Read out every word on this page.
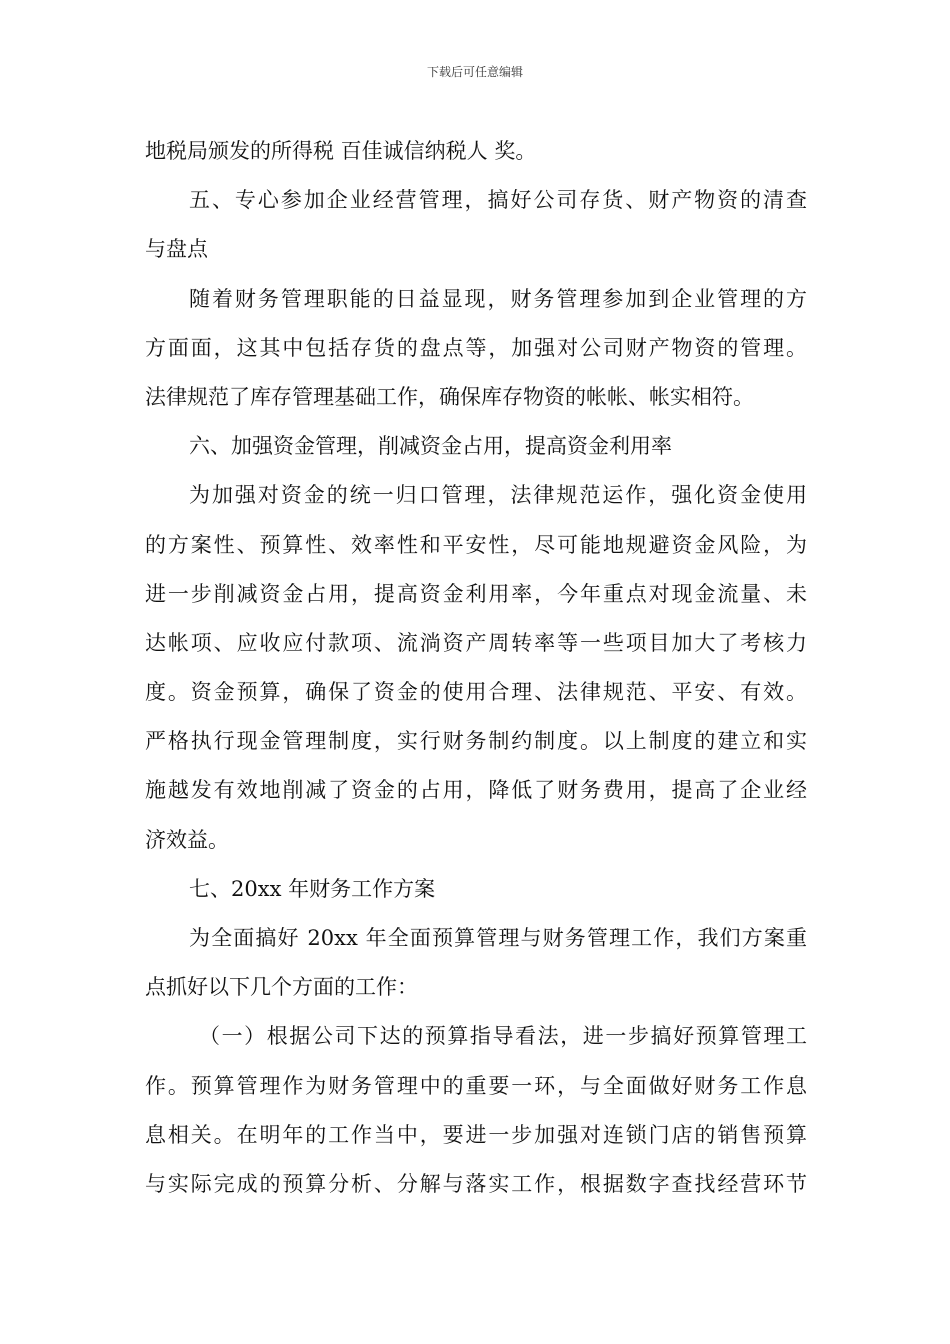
下载后可任意编辑
地税局颁发的所得税 百佳诚信纳税人 奖。
五、专心参加企业经营管理，搞好公司存货、财产物资的清查
与盘点
随着财务管理职能的日益显现，财务管理参加到企业管理的方
方面面，这其中包括存货的盘点等，加强对公司财产物资的管理。
法律规范了库存管理基础工作，确保库存物资的帐帐、帐实相符。
六、加强资金管理，削减资金占用，提高资金利用率
为加强对资金的统一归口管理，法律规范运作，强化资金使用
的方案性、预算性、效率性和平安性，尽可能地规避资金风险，为
进一步削减资金占用，提高资金利用率，今年重点对现金流量、未
达帐项、应收应付款项、流淌资产周转率等一些项目加大了考核力
度。资金预算，确保了资金的使用合理、法律规范、平安、有效。
严格执行现金管理制度，实行财务制约制度。以上制度的建立和实
施越发有效地削减了资金的占用，降低了财务费用，提高了企业经
济效益。
七、20xx 年财务工作方案
为全面搞好 20xx 年全面预算管理与财务管理工作，我们方案重
点抓好以下几个方面的工作：
（一）根据公司下达的预算指导看法，进一步搞好预算管理工
作。预算管理作为财务管理中的重要一环，与全面做好财务工作息
息相关。在明年的工作当中，要进一步加强对连锁门店的销售预算
与实际完成的预算分析、分解与落实工作，根据数字查找经营环节
